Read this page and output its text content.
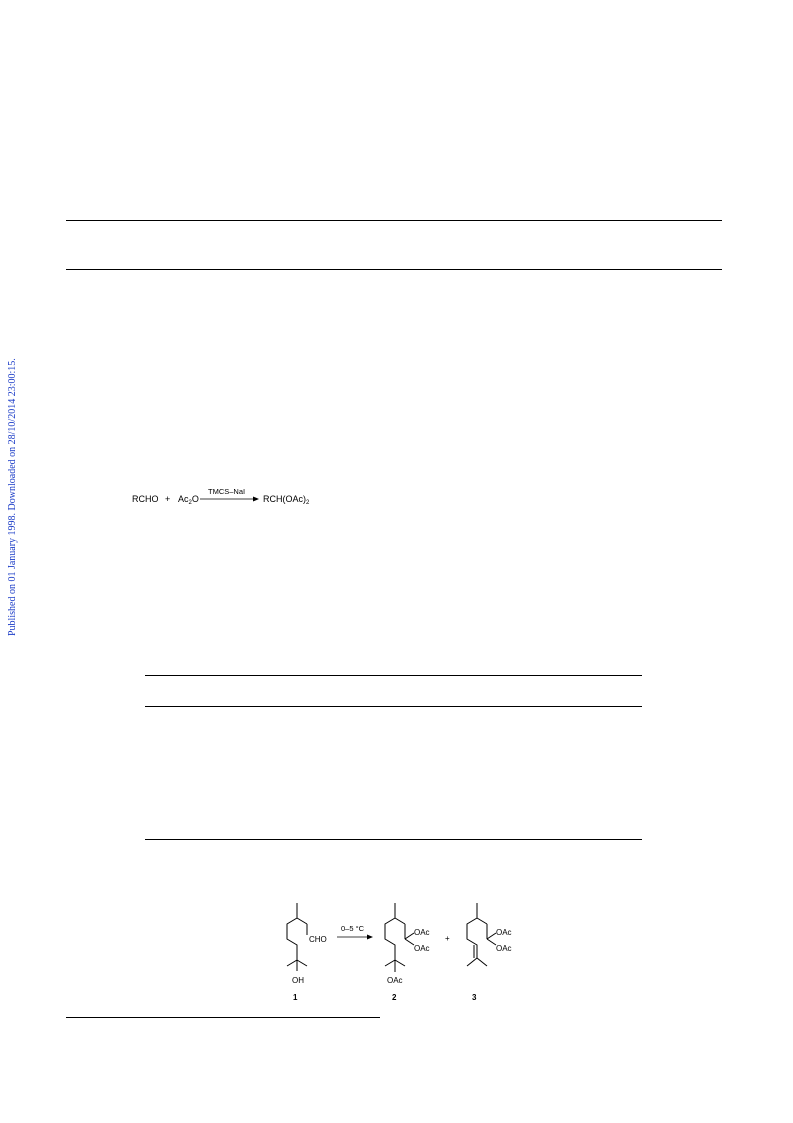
Published on 01 January 1998. Downloaded on 28/10/2014 23:00:15.	RCHO + $Ac_2O$
TMCS–NaI
$RCH(OAc)_2$
CHO
OH
1
0–5 °C	OAc
OAc
OAc
2
+
OAc
OAc
3
